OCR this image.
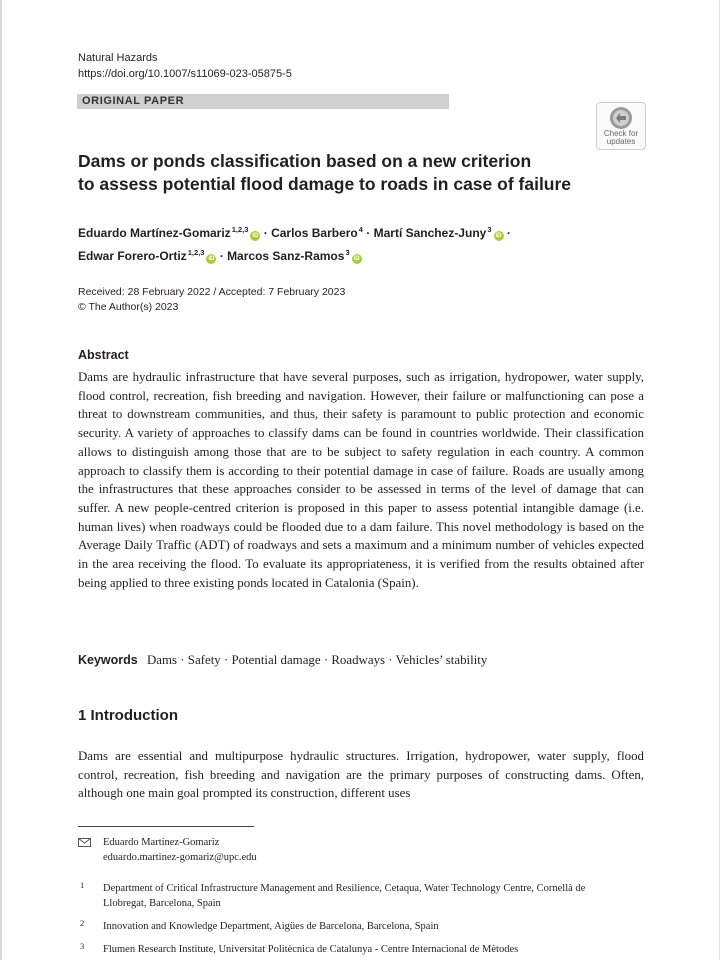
Natural Hazards
https://doi.org/10.1007/s11069-023-05875-5
ORIGINAL PAPER
Check for
updates
Dams or ponds classification based on a new criterion
to assess potential flood damage to roads in case of failure
Eduardo Martínez-Gomariz$^{1,2,3}$iD · Carlos Barbero$^4$ · Martí Sanchez-Juny$^3$iD ·
Edwar Forero-Ortiz$^{1,2,3}$iD · Marcos Sanz-Ramos$^3$iD
Received: 28 February 2022 / Accepted: 7 February 2023
© The Author(s) 2023
Abstract
Dams are hydraulic infrastructure that have several purposes, such as irrigation, hydropower, water supply, flood control, recreation, fish breeding and navigation. However, their failure or malfunctioning can pose a threat to downstream communities, and thus, their safety is paramount to public protection and economic security. A variety of approaches to classify dams can be found in countries worldwide. Their classification allows to distinguish among those that are to be subject to safety regulation in each country. A common approach to classify them is according to their potential damage in case of failure. Roads are usually among the infrastructures that these approaches consider to be assessed in terms of the level of damage that can suffer. A new people-centred criterion is proposed in this paper to assess potential intangible damage (i.e. human lives) when roadways could be flooded due to a dam failure. This novel methodology is based on the Average Daily Traffic (ADT) of roadways and sets a maximum and a minimum number of vehicles expected in the area receiving the flood. To evaluate its appropriateness, it is verified from the results obtained after being applied to three existing ponds located in Catalonia (Spain).
Keywords Dams · Safety · Potential damage · Roadways · Vehicles’ stability
1 Introduction
Dams are essential and multipurpose hydraulic structures. Irrigation, hydropower, water supply, flood control, recreation, fish breeding and navigation are the primary purposes of constructing dams. Often, although one main goal prompted its construction, different uses
Eduardo Martínez-Gomariz
eduardo.martinez-gomariz@upc.edu
1 Department of Critical Infrastructure Management and Resilience, Cetaqua, Water Technology Centre, Cornellà de Llobregat, Barcelona, Spain
2 Innovation and Knowledge Department, Aigües de Barcelona, Barcelona, Spain
3 Flumen Research Institute, Universitat Politècnica de Catalunya - Centre Internacional de Mètodes
